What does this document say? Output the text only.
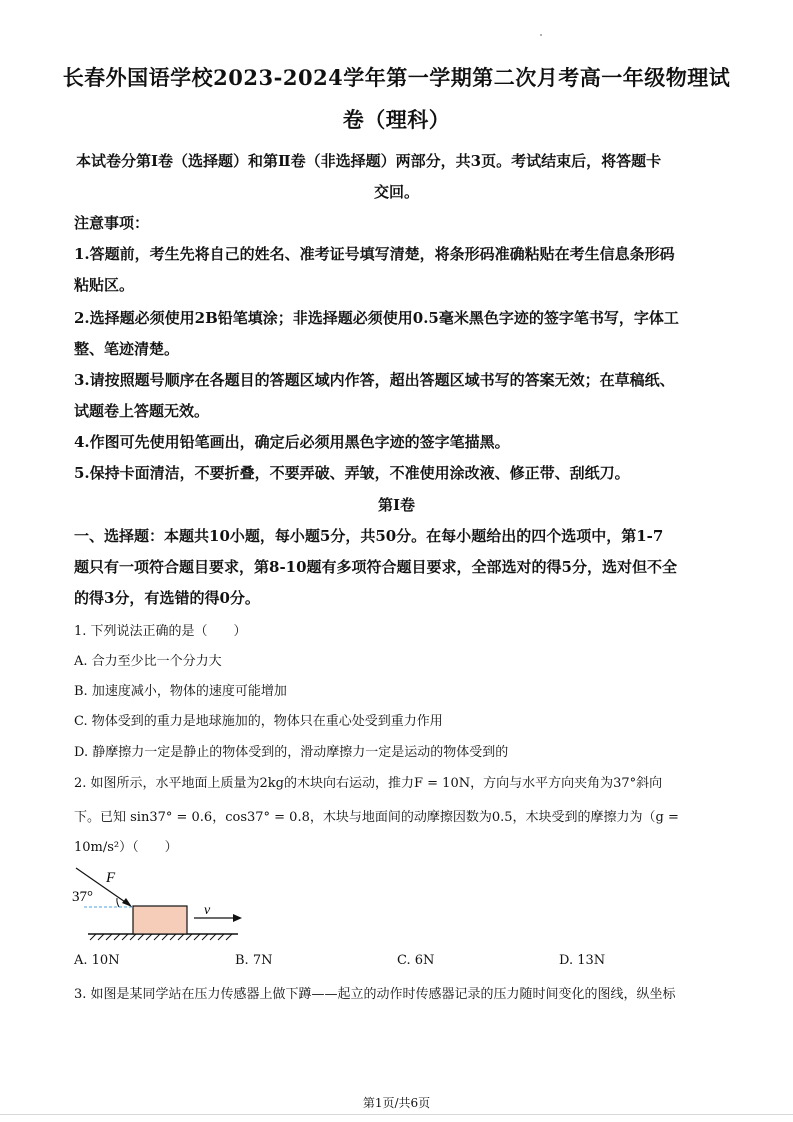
长春外国语学校2023-2024学年第一学期第二次月考高一年级物理试
卷（理科）
本试卷分第Ⅰ卷（选择题）和第Ⅱ卷（非选择题）两部分，共3页。考试结束后，将答题卡
交回。
注意事项：
1.答题前，考生先将自己的姓名、准考证号填写清楚，将条形码准确粘贴在考生信息条形码
粘贴区。
2.选择题必须使用2B铅笔填涂；非选择题必须使用0.5毫米黑色字迹的签字笔书写，字体工
整、笔迹清楚。
3.请按照题号顺序在各题目的答题区域内作答，超出答题区域书写的答案无效；在草稿纸、
试题卷上答题无效。
4.作图可先使用铅笔画出，确定后必须用黑色字迹的签字笔描黑。
5.保持卡面清洁，不要折叠，不要弄破、弄皱，不准使用涂改液、修正带、刮纸刀。
第Ⅰ卷
一、选择题：本题共10小题，每小题5分，共50分。在每小题给出的四个选项中，第1-7
题只有一项符合题目要求，第8-10题有多项符合题目要求，全部选对的得5分，选对但不全
的得3分，有选错的得0分。
1. 下列说法正确的是（　　）
A. 合力至少比一个分力大
B. 加速度减小，物体的速度可能增加
C. 物体受到的重力是地球施加的，物体只在重心处受到重力作用
D. 静摩擦力一定是静止的物体受到的，滑动摩擦力一定是运动的物体受到的
2. 如图所示，水平地面上质量为2kg的木块向右运动，推力F = 10N，方向与水平方向夹角为37°斜向
下。已知 sin37° = 0.6，cos37° = 0.8，木块与地面间的动摩擦因数为0.5，木块受到的摩擦力为（g =
10m/s²）（　　）
F
37°
v
A. 10N	B. 7N	C. 6N	D. 13N
3. 如图是某同学站在压力传感器上做下蹲——起立的动作时传感器记录的压力随时间变化的图线，纵坐标
第1页/共6页
